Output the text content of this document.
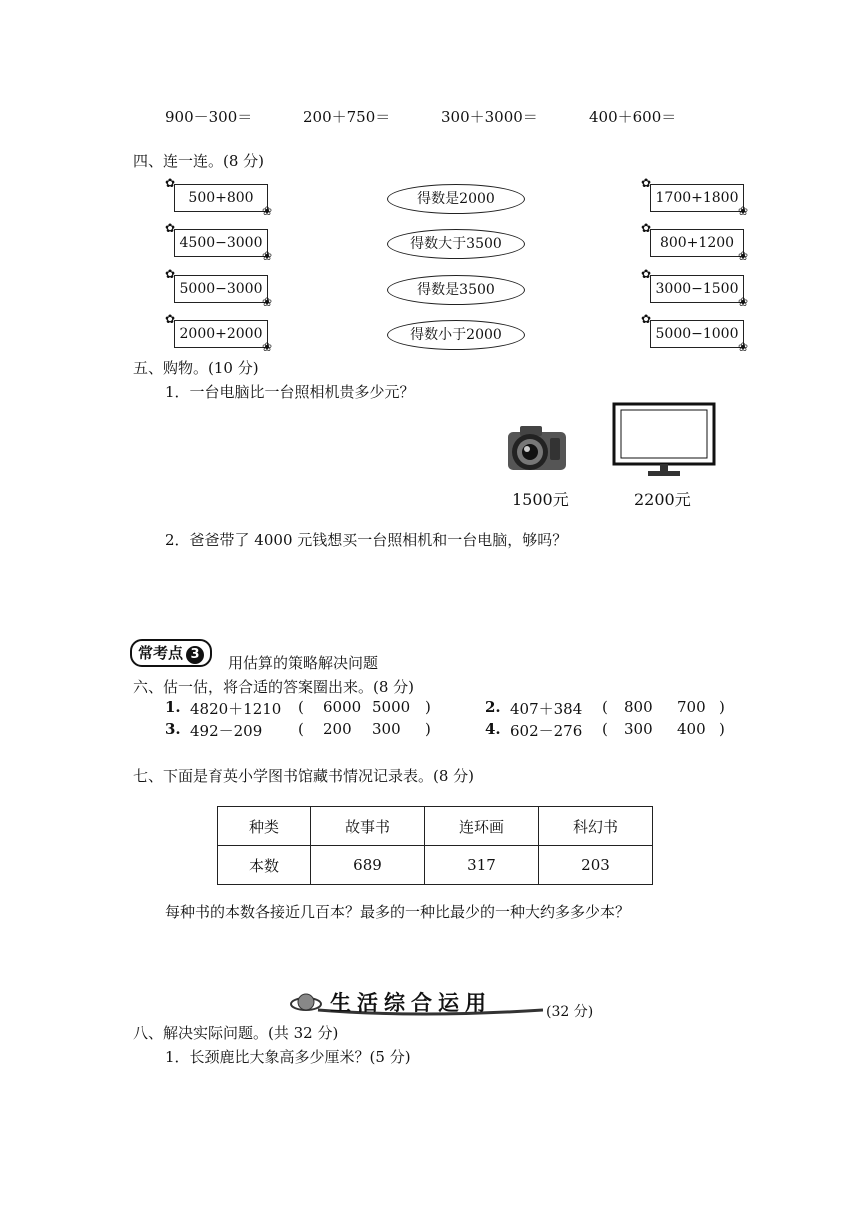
900－300＝	200＋750＝	300＋3000＝	400＋600＝
四、连一连。(8 分)
500+800
4500−3000
5000−3000
2000+2000
✿
✿
✿
✿
❀
❀
❀
❀
得数是2000
得数大于3500
得数是3500
得数小于2000
1700+1800
800+1200
3000−1500
5000−1000
✿
✿
✿
✿
❀
❀
❀
❀
五、购物。(10 分)
1．一台电脑比一台照相机贵多少元？
1500元	2200元
2．爸爸带了 4000 元钱想买一台照相机和一台电脑，够吗？
常考点 3	用估算的策略解决问题
六、估一估，将合适的答案圈出来。(8 分)
1. 4820＋1210 ( 6000 5000 )	2. 407＋384 ( 800 700 )
3. 492－209 ( 200 300 )	4. 602－276 ( 300 400 )
七、下面是育英小学图书馆藏书情况记录表。(8 分)
种类	故事书	连环画	科幻书
本数	689	317	203
每种书的本数各接近几百本？最多的一种比最少的一种大约多多少本？
生活综合运用	(32 分)
八、解决实际问题。(共 32 分)
1．长颈鹿比大象高多少厘米？(5 分)
